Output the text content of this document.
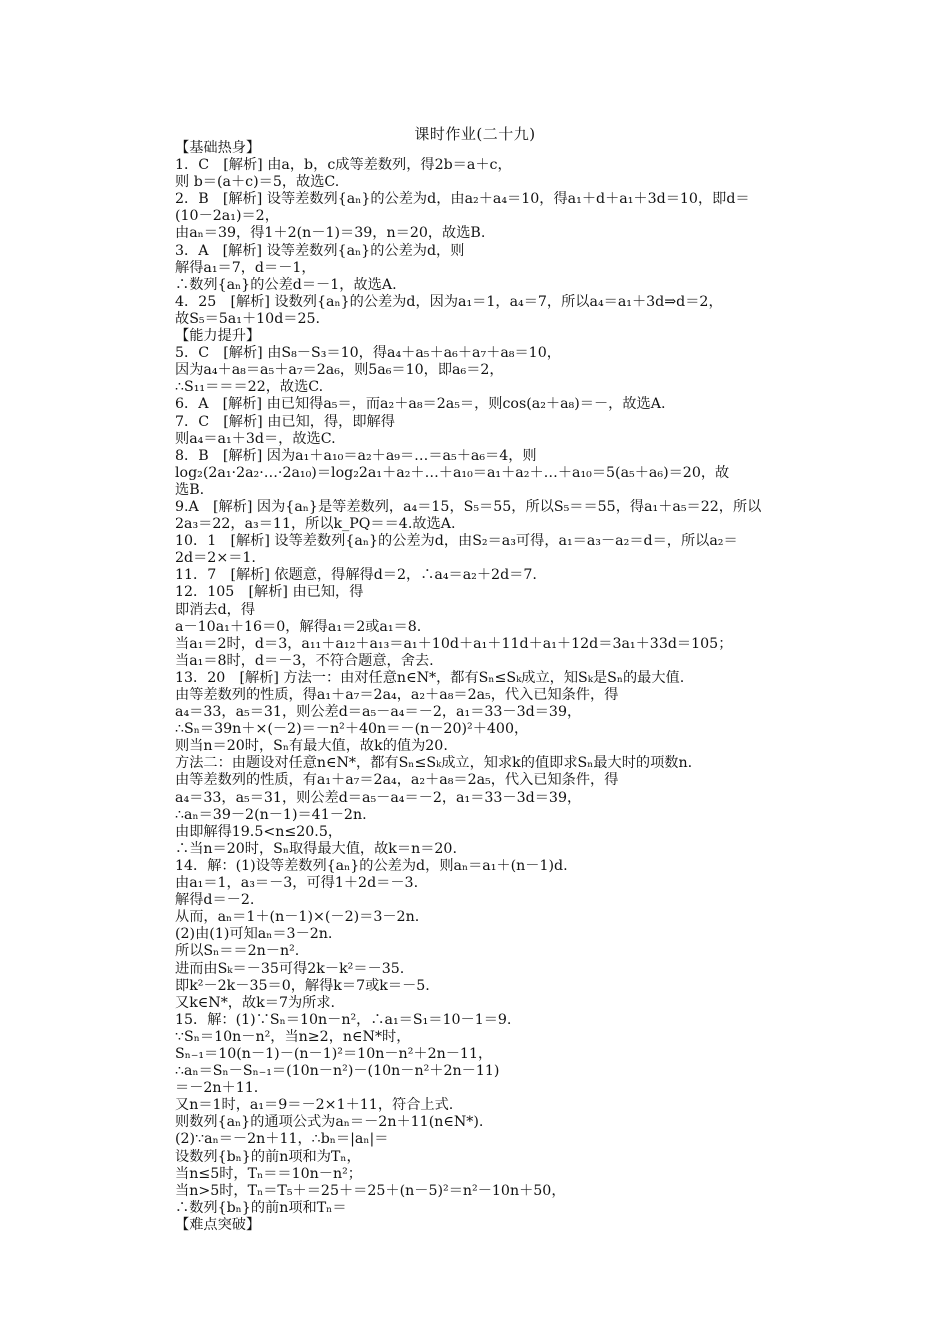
课时作业(二十九)
【基础热身】
1．C　[解析] 由a，b，c成等差数列，得2b＝a＋c，
则 b＝(a＋c)＝5，故选C.
2．B　[解析] 设等差数列{aₙ}的公差为d，由a₂＋a₄＝10，得a₁＋d＋a₁＋3d＝10，即d＝
(10－2a₁)＝2，
由aₙ＝39，得1＋2(n－1)＝39，n＝20，故选B.
3．A　[解析] 设等差数列{aₙ}的公差为d，则
解得a₁＝7，d＝－1，
∴数列{aₙ}的公差d＝－1，故选A.
4．25　[解析] 设数列{aₙ}的公差为d，因为a₁＝1，a₄＝7，所以a₄＝a₁＋3d⇒d＝2，
故S₅＝5a₁＋10d＝25.
【能力提升】
5．C　[解析] 由S₈－S₃＝10，得a₄＋a₅＋a₆＋a₇＋a₈＝10，
因为a₄＋a₈＝a₅＋a₇＝2a₆，则5a₆＝10，即a₆＝2，
∴S₁₁＝＝＝22，故选C.
6．A　[解析] 由已知得a₅＝，而a₂＋a₈＝2a₅＝，则cos(a₂＋a₈)＝－，故选A.
7．C　[解析] 由已知，得，即解得
则a₄＝a₁＋3d＝，故选C.
8．B　[解析] 因为a₁＋a₁₀＝a₂＋a₉＝…＝a₅＋a₆＝4，则
log₂(2a₁·2a₂·…·2a₁₀)＝log₂2a₁＋a₂＋…＋a₁₀＝a₁＋a₂＋…＋a₁₀＝5(a₅＋a₆)＝20，故
选B.
9.A　[解析] 因为{aₙ}是等差数列，a₄＝15，S₅＝55，所以S₅＝＝55，得a₁＋a₅＝22，所以
2a₃＝22，a₃＝11，所以k_PQ＝＝4.故选A.
10．1　[解析] 设等差数列{aₙ}的公差为d，由S₂＝a₃可得，a₁＝a₃－a₂＝d＝，所以a₂＝
2d＝2×＝1.
11．7　[解析] 依题意，得解得d＝2，∴a₄＝a₂＋2d＝7.
12．105　[解析] 由已知，得
即消去d，得
a－10a₁＋16＝0，解得a₁＝2或a₁＝8.
当a₁＝2时，d＝3，a₁₁＋a₁₂＋a₁₃＝a₁＋10d＋a₁＋11d＋a₁＋12d＝3a₁＋33d＝105；
当a₁＝8时，d＝－3，不符合题意，舍去.
13．20　[解析] 方法一：由对任意n∈N*，都有Sₙ≤Sₖ成立，知Sₖ是Sₙ的最大值.
由等差数列的性质，得a₁＋a₇＝2a₄，a₂＋a₈＝2a₅，代入已知条件，得
a₄＝33，a₅＝31，则公差d＝a₅－a₄＝－2，a₁＝33－3d＝39，
∴Sₙ＝39n＋×(－2)＝－n²＋40n＝－(n－20)²＋400，
则当n＝20时，Sₙ有最大值，故k的值为20.
方法二：由题设对任意n∈N*，都有Sₙ≤Sₖ成立，知求k的值即求Sₙ最大时的项数n.
由等差数列的性质，有a₁＋a₇＝2a₄，a₂＋a₈＝2a₅，代入已知条件，得
a₄＝33，a₅＝31，则公差d＝a₅－a₄＝－2，a₁＝33－3d＝39，
∴aₙ＝39－2(n－1)＝41－2n.
由即解得19.5<n≤20.5，
∴当n＝20时，Sₙ取得最大值，故k＝n＝20.
14．解：(1)设等差数列{aₙ}的公差为d，则aₙ＝a₁＋(n－1)d.
由a₁＝1，a₃＝－3，可得1＋2d＝－3.
解得d＝－2.
从而，aₙ＝1＋(n－1)×(－2)＝3－2n.
(2)由(1)可知aₙ＝3－2n.
所以Sₙ＝＝2n－n².
进而由Sₖ＝－35可得2k－k²＝－35.
即k²－2k－35＝0，解得k＝7或k＝－5.
又k∈N*，故k＝7为所求.
15．解：(1)∵Sₙ＝10n－n²，∴a₁＝S₁＝10－1＝9.
∵Sₙ＝10n－n²，当n≥2，n∈N*时，
Sₙ₋₁＝10(n－1)－(n－1)²＝10n－n²＋2n－11，
∴aₙ＝Sₙ－Sₙ₋₁＝(10n－n²)－(10n－n²＋2n－11)
＝－2n＋11.
又n＝1时，a₁＝9＝－2×1＋11，符合上式.
则数列{aₙ}的通项公式为aₙ＝－2n＋11(n∈N*).
(2)∵aₙ＝－2n＋11，∴bₙ＝|aₙ|＝
设数列{bₙ}的前n项和为Tₙ，
当n≤5时，Tₙ＝＝10n－n²；
当n>5时，Tₙ＝T₅＋＝25＋＝25＋(n－5)²＝n²－10n＋50，
∴数列{bₙ}的前n项和Tₙ＝
【难点突破】
